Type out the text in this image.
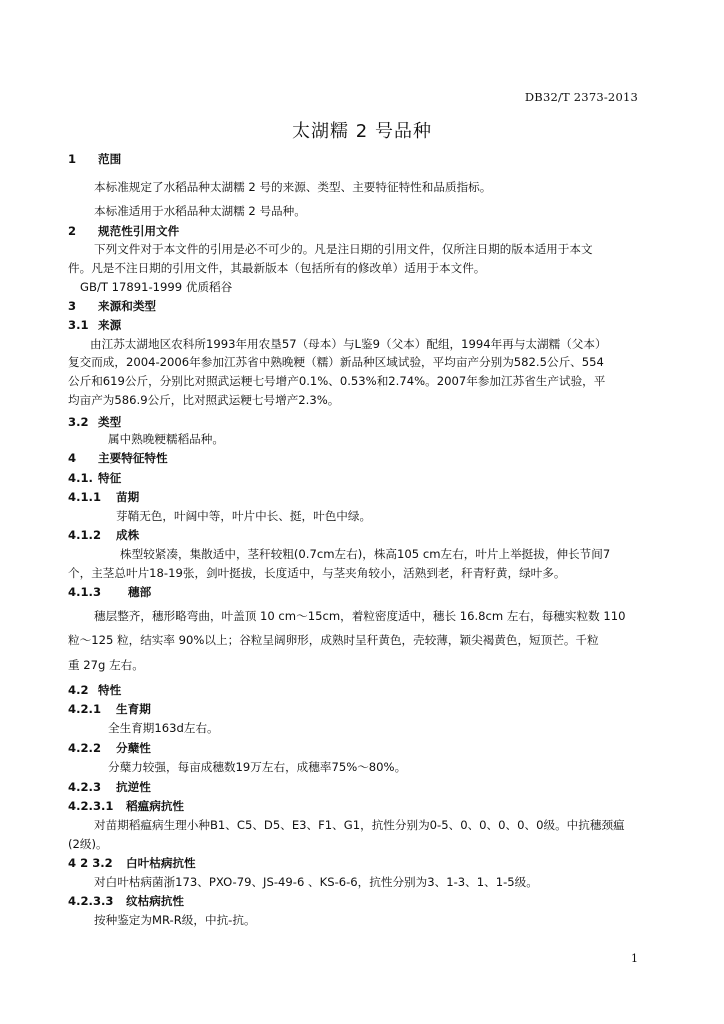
DB32/T 2373-2013
太湖糯 2 号品种
1 范围
本标准规定了水稻品种太湖糯 2 号的来源、类型、主要特征特性和品质指标。
本标准适用于水稻品种太湖糯 2 号品种。
2 规范性引用文件
下列文件对于本文件的引用是必不可少的。凡是注日期的引用文件，仅所注日期的版本适用于本文
件。凡是不注日期的引用文件，其最新版本（包括所有的修改单）适用于本文件。
GB/T 17891-1999 优质稻谷
3 来源和类型
3.1 来源
由江苏太湖地区农科所1993年用农垦57（母本）与L鉴9（父本）配组，1994年再与太湖糯（父本）
复交而成，2004-2006年参加江苏省中熟晚粳（糯）新品种区域试验，平均亩产分别为582.5公斤、554
公斤和619公斤，分别比对照武运粳七号增产0.1%、0.53%和2.74%。2007年参加江苏省生产试验，平
均亩产为586.9公斤，比对照武运粳七号增产2.3%。
3.2 类型
属中熟晚粳糯稻品种。
4 主要特征特性
4.1. 特征
4.1.1 苗期
芽鞘无色，叶阔中等，叶片中长、挺，叶色中绿。
4.1.2 成株
株型较紧凑，集散适中，茎秆较粗(0.7cm左右)，株高105 cm左右，叶片上举挺拔，伸长节间7
个，主茎总叶片18-19张，剑叶挺拔，长度适中，与茎夹角较小，活熟到老，秆青籽黄，绿叶多。
4.1.3 穗部
穗层整齐，穗形略弯曲，叶盖顶 10 cm～15cm，着粒密度适中，穗长 16.8cm 左右，每穗实粒数 110
粒～125 粒，结实率 90%以上；谷粒呈阔卵形，成熟时呈秆黄色，壳较薄，颖尖褐黄色，短顶芒。千粒
重 27g 左右。
4.2 特性
4.2.1 生育期
全生育期163d左右。
4.2.2 分蘖性
分蘖力较强，每亩成穗数19万左右，成穗率75%～80%。
4.2.3 抗逆性
4.2.3.1 稻瘟病抗性
对苗期稻瘟病生理小种B1、C5、D5、E3、F1、G1，抗性分别为0-5、0、0、0、0、0级。中抗穗颈瘟
(2级)。
4 2 3.2 白叶枯病抗性
对白叶枯病菌浙173、PXO-79、JS-49-6 、KS-6-6，抗性分别为3、1-3、1、1-5级。
4.2.3.3 纹枯病抗性
按种鉴定为MR-R级，中抗-抗。
1
